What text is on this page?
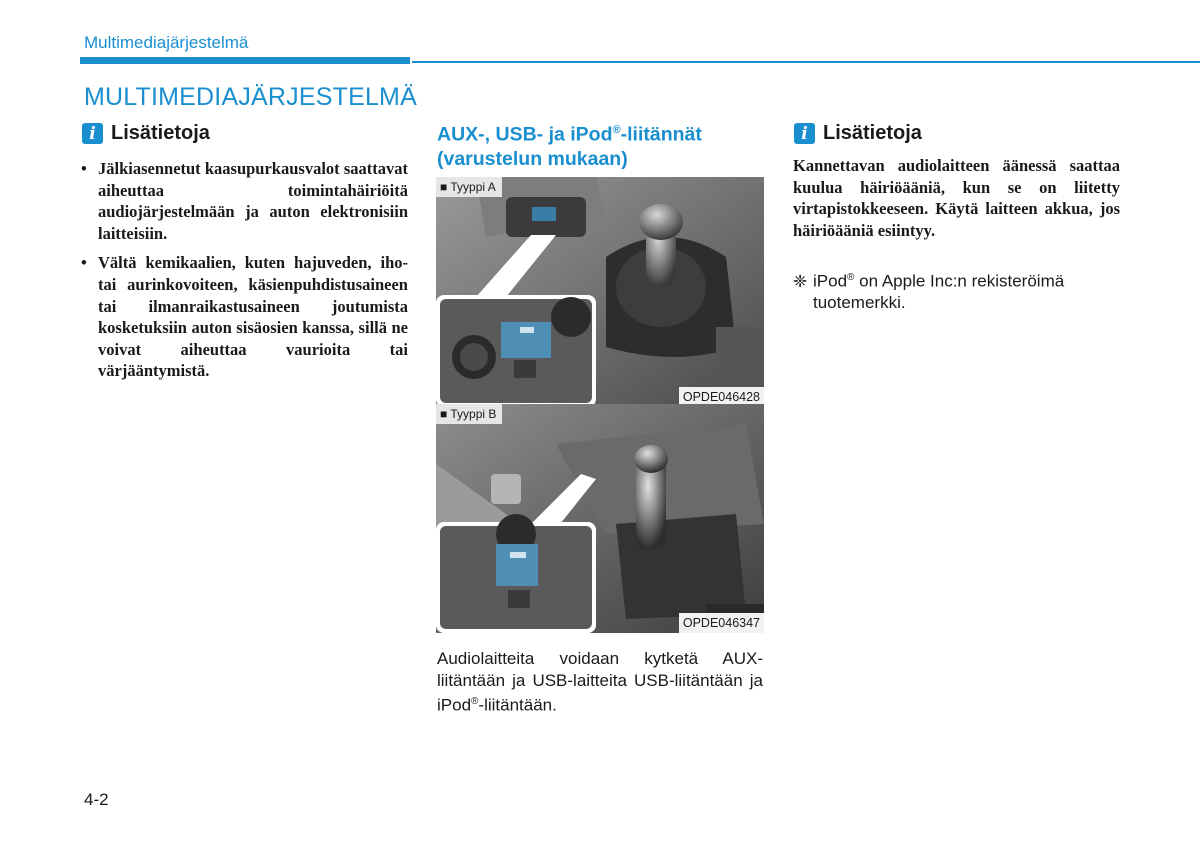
Multimediajärjestelmä
MULTIMEDIAJÄRJESTELMÄ
i Lisätietoja
• Jälkiasennetut kaasupurkausvalot saattavat aiheuttaa toimintahäiriöitä audiojärjestelmään ja auton elektronisiin laitteisiin.
• Vältä kemikaalien, kuten hajuveden, iho- tai aurinkovoiteen, käsienpuhdistusaineen tai ilmanraikastusaineen joutumista kosketuksiin auton sisäosien kanssa, sillä ne voivat aiheuttaa vaurioita tai värjääntymistä.
AUX-, USB- ja iPod®-liitännät
(varustelun mukaan)
■ Tyyppi A
OPDE046428
■ Tyyppi B
OPDE046347
Audiolaitteita voidaan kytketä AUX-liitäntään ja USB-laitteita USB-liitäntään ja iPod®-liitäntään.
i Lisätietoja

Kannettavan audiolaitteen äänessä saattaa kuulua häiriöääniä, kun se on liitetty virtapistokkeeseen. Käytä laitteen akkua, jos häiriöääniä esiintyy.

❈ iPod® on Apple Inc:n rekisteröimä
tuotemerkki.
4-2
